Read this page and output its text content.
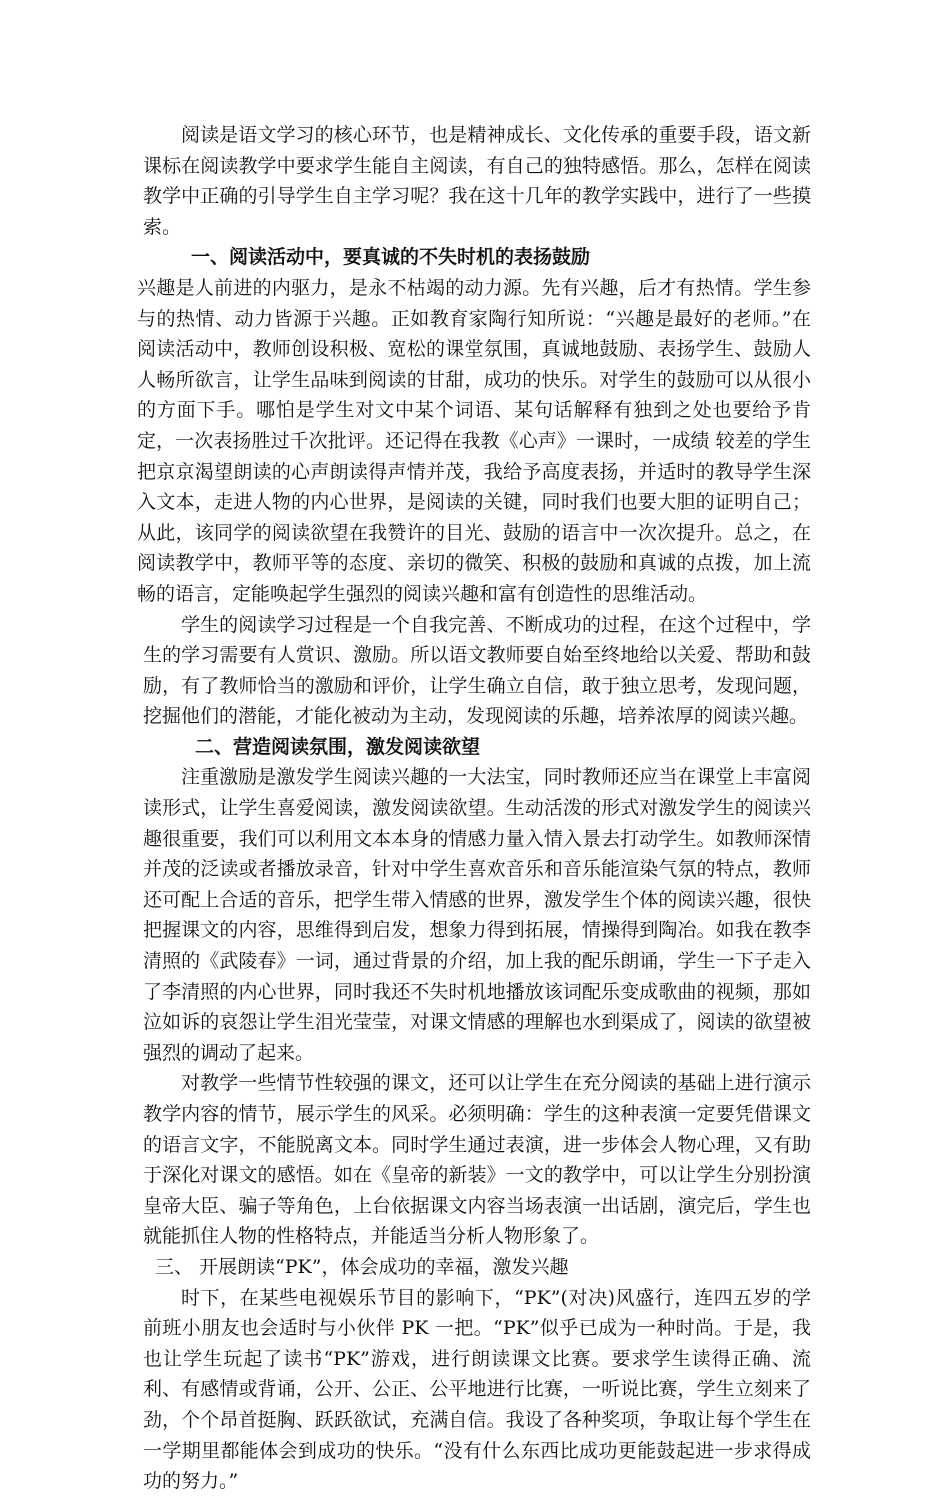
阅读是语文学习的核心环节，也是精神成长、文化传承的重要手段，语文新课标在阅读教学中要求学生能自主阅读，有自己的独特感悟。那么，怎样在阅读教学中正确的引导学生自主学习呢？我在这十几年的教学实践中，进行了一些摸索。

一、阅读活动中，要真诚的不失时机的表扬鼓励

兴趣是人前进的内驱力，是永不枯竭的动力源。先有兴趣，后才有热情。学生参与的热情、动力皆源于兴趣。正如教育家陶行知所说：“兴趣是最好的老师。”在阅读活动中，教师创设积极、宽松的课堂氛围，真诚地鼓励、表扬学生、鼓励人人畅所欲言，让学生品味到阅读的甘甜，成功的快乐。对学生的鼓励可以从很小的方面下手。哪怕是学生对文中某个词语、某句话解释有独到之处也要给予肯定，一次表扬胜过千次批评。还记得在我教《心声》一课时，一成绩 较差的学生把京京渴望朗读的心声朗读得声情并茂，我给予高度表扬，并适时的教导学生深入文本，走进人物的内心世界，是阅读的关键，同时我们也要大胆的证明自己；从此，该同学的阅读欲望在我赞许的目光、鼓励的语言中一次次提升。总之，在阅读教学中，教师平等的态度、亲切的微笑、积极的鼓励和真诚的点拨，加上流畅的语言，定能唤起学生强烈的阅读兴趣和富有创造性的思维活动。

学生的阅读学习过程是一个自我完善、不断成功的过程，在这个过程中，学生的学习需要有人赏识、激励。所以语文教师要自始至终地给以关爱、帮助和鼓励，有了教师恰当的激励和评价，让学生确立自信，敢于独立思考，发现问题，挖掘他们的潜能，才能化被动为主动，发现阅读的乐趣，培养浓厚的阅读兴趣。

二、营造阅读氛围，激发阅读欲望

注重激励是激发学生阅读兴趣的一大法宝，同时教师还应当在课堂上丰富阅读形式，让学生喜爱阅读，激发阅读欲望。生动活泼的形式对激发学生的阅读兴趣很重要，我们可以利用文本本身的情感力量入情入景去打动学生。如教师深情并茂的泛读或者播放录音，针对中学生喜欢音乐和音乐能渲染气氛的特点，教师还可配上合适的音乐，把学生带入情感的世界，激发学生个体的阅读兴趣，很快把握课文的内容，思维得到启发，想象力得到拓展，情操得到陶冶。如我在教李清照的《武陵春》一词，通过背景的介绍，加上我的配乐朗诵，学生一下子走入了李清照的内心世界，同时我还不失时机地播放该词配乐变成歌曲的视频，那如泣如诉的哀怨让学生泪光莹莹，对课文情感的理解也水到渠成了，阅读的欲望被强烈的调动了起来。

对教学一些情节性较强的课文，还可以让学生在充分阅读的基础上进行演示教学内容的情节，展示学生的风采。必须明确：学生的这种表演一定要凭借课文的语言文字，不能脱离文本。同时学生通过表演，进一步体会人物心理，又有助于深化对课文的感悟。如在《皇帝的新装》一文的教学中，可以让学生分别扮演皇帝大臣、骗子等角色，上台依据课文内容当场表演一出话剧，演完后，学生也就能抓住人物的性格特点，并能适当分析人物形象了。

三、 开展朗读“PK”，体会成功的幸福，激发兴趣

时下，在某些电视娱乐节目的影响下，“PK”(对决)风盛行，连四五岁的学前班小朋友也会适时与小伙伴 PK 一把。“PK”似乎已成为一种时尚。于是，我也让学生玩起了读书“PK”游戏，进行朗读课文比赛。要求学生读得正确、流利、有感情或背诵，公开、公正、公平地进行比赛，一听说比赛，学生立刻来了劲，个个昂首挺胸、跃跃欲试，充满自信。我设了各种奖项，争取让每个学生在一学期里都能体会到成功的快乐。“没有什么东西比成功更能鼓起进一步求得成功的努力。”
